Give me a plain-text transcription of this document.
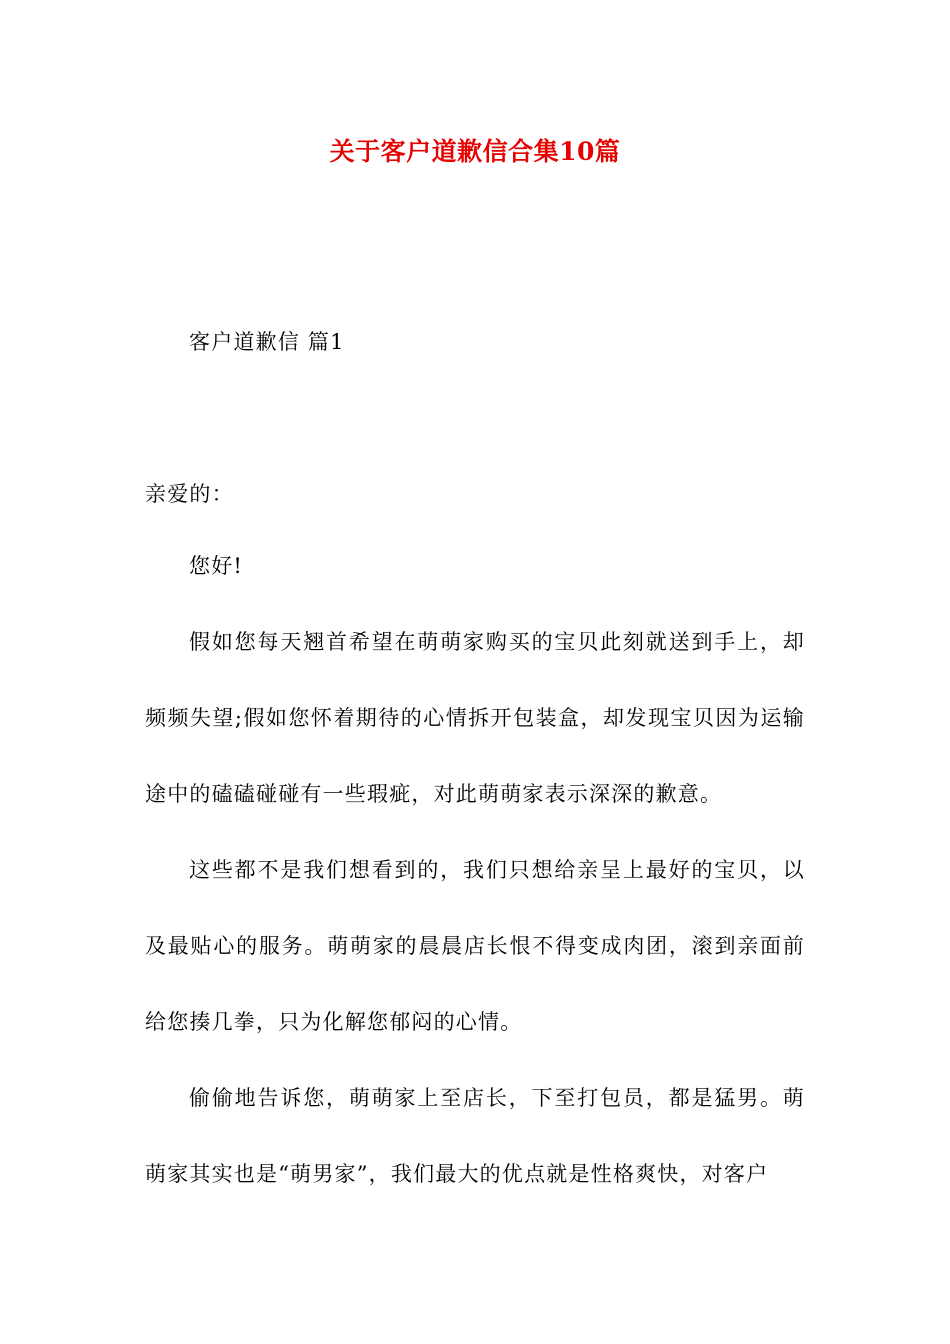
关于客户道歉信合集10篇

客户道歉信 篇1

亲爱的：

您好!

假如您每天翘首希望在萌萌家购买的宝贝此刻就送到手上，却频频失望;假如您怀着期待的心情拆开包装盒，却发现宝贝因为运输途中的磕磕碰碰有一些瑕疵，对此萌萌家表示深深的歉意。

这些都不是我们想看到的，我们只想给亲呈上最好的宝贝，以及最贴心的服务。萌萌家的晨晨店长恨不得变成肉团，滚到亲面前给您揍几拳，只为化解您郁闷的心情。

偷偷地告诉您，萌萌家上至店长，下至打包员，都是猛男。萌萌家其实也是“萌男家”，我们最大的优点就是性格爽快，对客户
